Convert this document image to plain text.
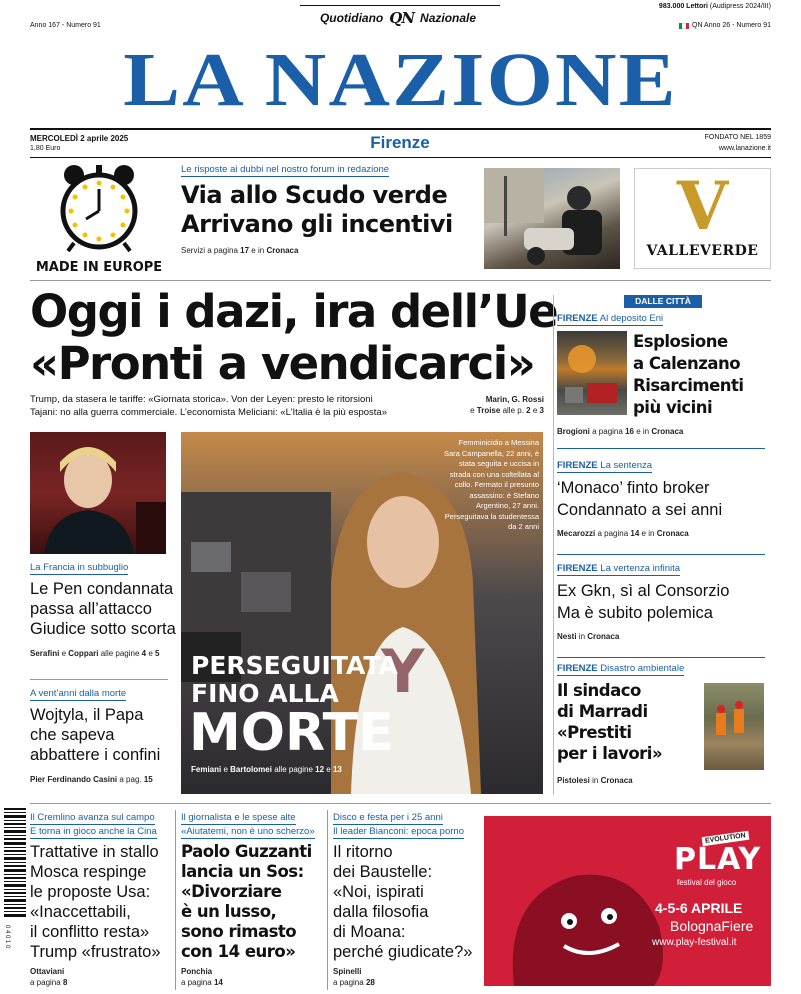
Quotidiano QN Nazionale
983.000 Lettori (Audipress 2024/III)
Anno 167 - Numero 91	QN Anno 26 - Numero 91
LA NAZIONE
MERCOLEDÌ 2 aprile 2025
1,80 Euro	Firenze	FONDATO NEL 1859
www.lanazione.it
MADE IN EUROPE
Le risposte ai dubbi nel nostro forum in redazione
Via allo Scudo verde
Arrivano gli incentivi
Servizi a pagina 17 e in Cronaca
V
VALLEVERDE
Oggi i dazi, ira dell’Ue
«Pronti a vendicarci»
Trump, da stasera le tariffe: «Giornata storica». Von der Leyen: presto le ritorsioni
Tajani: no alla guerra commerciale. L’economista Meliciani: «L’Italia è la più esposta»
Marin, G. Rossi
e Troise alle p. 2 e 3
La Francia in subbuglio
Le Pen condannata
passa all’attacco
Giudice sotto scorta
Serafini e Coppari alle pagine 4 e 5
A vent’anni dalla morte
Wojtyla, il Papa
che sapeva
abbattere i confini
Pier Ferdinando Casini a pag. 15
Y
Femminicidio a Messina Sara Campanella, 22 anni, è stata seguita e uccisa in strada con una coltellata al collo. Fermato il presunto assassino: è Stefano Argentino, 27 anni. Perseguitava la studentessa da 2 anni
PERSEGUITATA
FINO ALLA
MORTE
Femiani e Bartolomei alle pagine 12 e 13
DALLE CITTÀ
FIRENZE Al deposito Eni
Esplosione
a Calenzano
Risarcimenti
più vicini
Brogioni a pagina 16 e in Cronaca
FIRENZE La sentenza
‘Monaco’ finto broker
Condannato a sei anni
Mecarozzi a pagina 14 e in Cronaca
FIRENZE La vertenza infinita
Ex Gkn, sì al Consorzio
Ma è subito polemica
Nesti in Cronaca
FIRENZE Disastro ambientale
Il sindaco
di Marradi
«Prestiti
per i lavori»
Pistolesi in Cronaca
0 4 0 1 0
Il Cremlino avanza sul campo
E torna in gioco anche la Cina
Trattative in stallo
Mosca respinge
le proposte Usa:
«Inaccettabili,
il conflitto resta»
Trump «frustrato»
Ottaviani
a pagina 8
Il giornalista e le spese alte
«Aiutatemi, non è uno scherzo»
Paolo Guzzanti
lancia un Sos:
«Divorziare
è un lusso,
sono rimasto
con 14 euro»
Ponchia
a pagina 14
Disco e festa per i 25 anni
Il leader Bianconi: epoca porno
Il ritorno
dei Baustelle:
«Noi, ispirati
dalla filosofia
di Moana:
perché giudicate?»
Spinelli
a pagina 28
EVOLUTION
PLAY
festival del gioco
4-5-6 APRILE
BolognaFiere
www.play-festival.it
